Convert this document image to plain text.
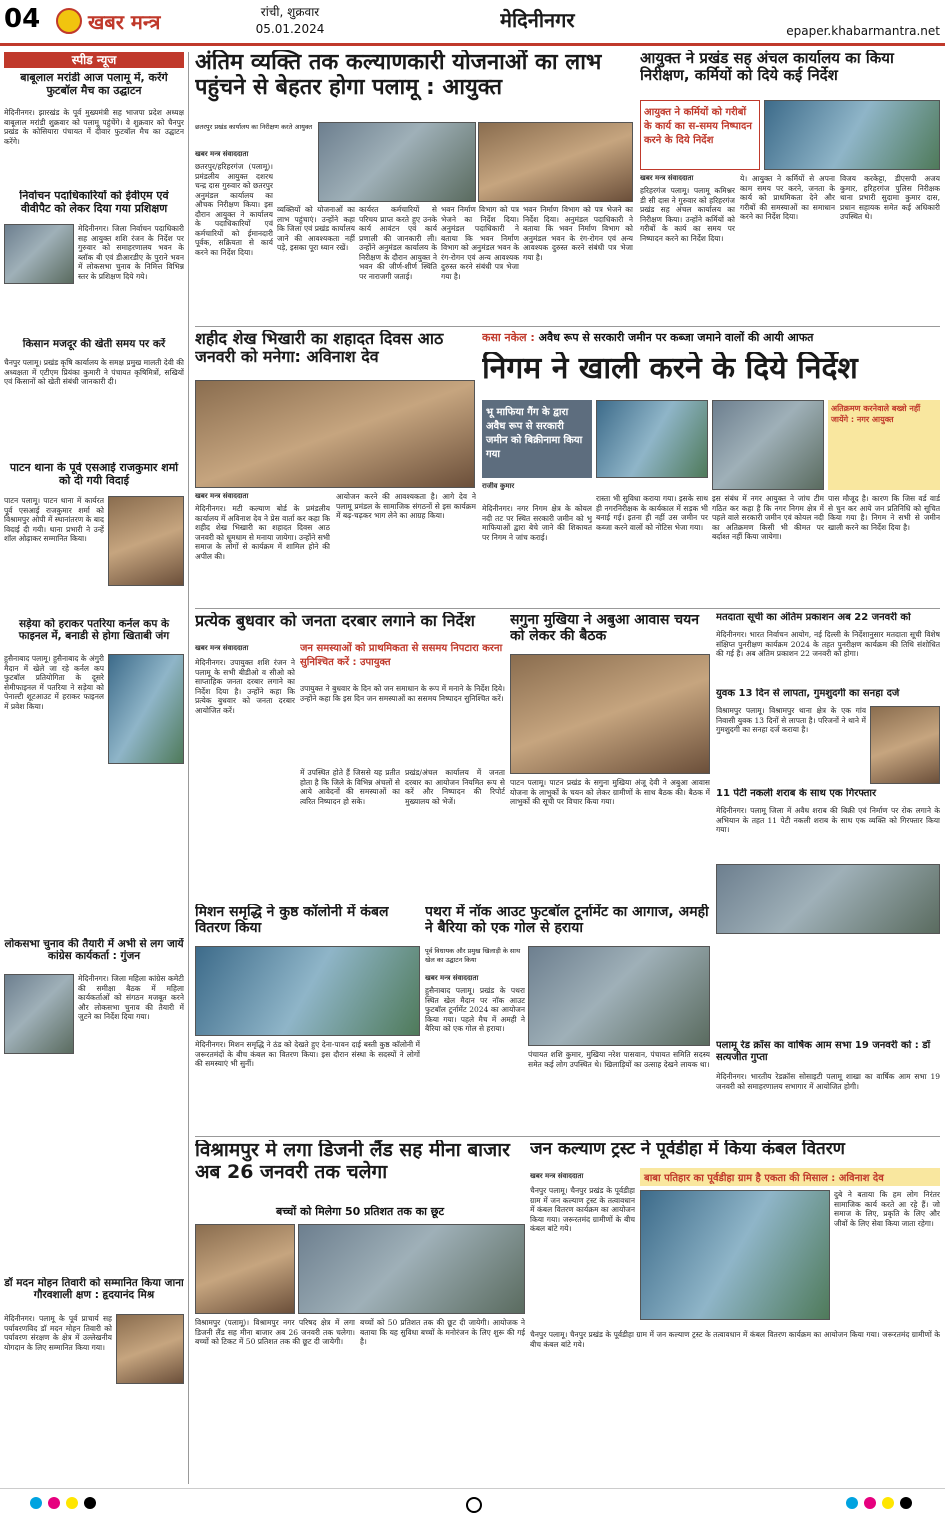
04 खबर मन्त्र	रांची, शुक्रवार
05.01.2024	मेदिनीनगर	epaper.khabarmantra.net
स्पीड न्यूज
बाबूलाल मरांडी आज पलामू में, करेंगे फुटबॉल मैच का उद्घाटन
मेदिनीनगर। झारखंड के पूर्व मुख्यमंत्री सह भाजपा प्रदेश अध्यक्ष बाबूलाल मरांडी शुक्रवार को पलामू पहुंचेंगे। वे शुक्रवार को चैनपुर प्रखंड के कोसियारा पंचायत में दीवार फुटबॉल मैच का उद्घाटन करेंगे।
निर्वाचन पदाधिकारियों को ईवीएम एवं वीवीपैट को लेकर दिया गया प्रशिक्षण
मेदिनीनगर। जिला निर्वाचन पदाधिकारी सह आयुक्त शशि रंजन के निर्देश पर गुरुवार को समाहरणालय भवन के ब्लॉक बी एवं डीआरडीए के पुराने भवन में लोकसभा चुनाव के निमित्त विभिन्न स्तर के प्रशिक्षण दिये गये।
किसान मजदूर की खेती समय पर करें
चैनपुर पलामू। प्रखंड कृषि कार्यालय के समक्ष प्रमुख मालती देवी की अध्यक्षता में एटीएम प्रियंका कुमारी ने पंचायत कृषिमित्रों, सखियों एवं किसानों को खेती संबंधी जानकारी दी।
पाटन थाना के पूर्व एसआई राजकुमार शर्मा को दी गयी विदाई
पाटन पलामू। पाटन थाना में कार्यरत पूर्व एसआई राजकुमार शर्मा को विश्रामपुर ओपी में स्थानांतरण के बाद विदाई दी गयी। थाना प्रभारी ने उन्हें शॉल ओढ़ाकर सम्मानित किया।
सड़ेया को हराकर पतरिया कर्नल कप के फाइनल में, बनाडी से होगा खिताबी जंग
हुसैनाबाद पलामू। हुसैनाबाद के अंगुरी मैदान में खेले जा रहे कर्नल कप फुटबॉल प्रतियोगिता के दूसरे सेमीफाइनल में पतरिया ने सड़ेया को पेनाल्टी शूटआउट में हराकर फाइनल में प्रवेश किया।
लोकसभा चुनाव की तैयारी में अभी से लग जायें कांग्रेस कार्यकर्ता : गुंजन
मेदिनीनगर। जिला महिला कांग्रेस कमेटी की समीक्षा बैठक में महिला कार्यकर्ताओं को संगठन मजबूत करने और लोकसभा चुनाव की तैयारी में जुटने का निर्देश दिया गया।
डॉ मदन मोहन तिवारी को सम्मानित किया जाना गौरवशाली क्षण : हृदयानंद मिश्र
मेदिनीनगर। पलामू के पूर्व प्राचार्य सह पर्यावरणविद डॉ मदन मोहन तिवारी को पर्यावरण संरक्षण के क्षेत्र में उल्लेखनीय योगदान के लिए सम्मानित किया गया।
अंतिम व्यक्ति तक कल्याणकारी योजनाओं का लाभ पहुंचने से बेहतर होगा पलामू : आयुक्त
छतरपुर प्रखंड कार्यालय का निरीक्षण करते आयुक्त
खबर मन्त्र संवाददाता
छतरपुर/हरिहरगंज (पलामू)। प्रमंडलीय आयुक्त दशरथ चन्द्र दास गुरुवार को छतरपुर अनुमंडल कार्यालय का औचक निरीक्षण किया। इस दौरान आयुक्त ने कार्यालय के पदाधिकारियों एवं कर्मचारियों को ईमानदारी पूर्वक, सक्रियता से कार्य करने का निर्देश दिया।
व्यक्तियों को योजनाओं का लाभ पहुंचाएं। उन्होंने कहा कि जिला एवं प्रखंड कार्यालय जाने की आवश्यकता नहीं पड़े, इसका पूरा ध्यान रखें।
कार्यरत कर्मचारियों से परिचय प्राप्त करते हुए उनके कार्य आवंटन एवं कार्य प्रणाली की जानकारी ली। उन्होंने अनुमंडल कार्यालय के निरीक्षण के दौरान आयुक्त ने भवन की जीर्ण-शीर्ण स्थिति पर नाराजगी जताई।
भवन निर्माण विभाग को पत्र भेजने का निर्देश दिया। अनुमंडल पदाधिकारी ने बताया कि भवन निर्माण विभाग को अनुमंडल भवन के रंग-रोगन एवं अन्य आवश्यक दुरुस्त करने संबंधी पत्र भेजा गया है।
भवन निर्माण विभाग को पत्र भेजने का निर्देश दिया। अनुमंडल पदाधिकारी ने बताया कि भवन निर्माण विभाग को अनुमंडल भवन के रंग-रोगन एवं अन्य आवश्यक दुरुस्त करने संबंधी पत्र भेजा गया है।
आयुक्त ने प्रखंड सह अंचल कार्यालय का किया निरीक्षण, कर्मियों को दिये कई निर्देश
आयुक्त ने कर्मियों को गरीबों के कार्य का स-समय निष्पादन करने के दिये निर्देश
खबर मन्त्र संवाददाता
हरिहरगंज पलामू। पलामू कमिश्नर डी सी दास ने गुरुवार को हरिहरगंज प्रखंड सह अंचल कार्यालय का निरीक्षण किया। उन्होंने कर्मियों को गरीबों के कार्य का समय पर निष्पादन करने का निर्देश दिया।
ये। आयुक्त ने कर्मियों से अपना काम समय पर करने, जनता के कार्य को प्राथमिकता देने और गरीबों की समस्याओं का समाधान करने का निर्देश दिया।
विजय करकेट्टा, डीएसपी अजय कुमार, हरिहरगंज पुलिस निरीक्षक थाना प्रभारी सुदामा कुमार दास, प्रधान सहायक समेत कई अधिकारी उपस्थित थे।
शहीद शेख भिखारी का शहादत दिवस आठ जनवरी को मनेगा: अविनाश देव
खबर मन्त्र संवाददाता
मेदिनीनगर। मटी कल्याण बोर्ड के प्रमंडलीय कार्यालय में अविनाश देव ने प्रेस वार्ता कर कहा कि शहीद शेख भिखारी का शहादत दिवस आठ जनवरी को धूमधाम से मनाया जायेगा। उन्होंने सभी समाज के लोगों से कार्यक्रम में शामिल होने की अपील की।
आयोजन करने की आवश्यकता है। आगे देव ने पलामू प्रमंडल के सामाजिक संगठनों से इस कार्यक्रम में बढ़-चढ़कर भाग लेने का आग्रह किया।
कसा नकेल : अवैध रूप से सरकारी जमीन पर कब्जा जमाने वालों की आयी आफत
निगम ने खाली करने के दिये निर्देश
भू माफिया गैंग के द्वारा अवैध रूप से सरकारी जमीन को बिक्रीनामा किया गया
अतिक्रमण करनेवाले बख्शे नहीं जायेंगे : नगर आयुक्त
राजीव कुमार
इस संबंध में नगर आयुक्त ने जांच टीम गठित कर कहा है कि नगर निगम क्षेत्र में पहले वाले सरकारी जमीन एवं कोयल नदी का अतिक्रमण किसी भी कीमत पर बर्दाश्त नहीं किया जायेगा।
मेदिनीनगर। नगर निगम क्षेत्र के कोयल नदी तट पर स्थित सरकारी जमीन को भू माफियाओं द्वारा बेचे जाने की शिकायत पर निगम ने जांच कराई।
रास्ता भी सुविधा कराया गया। इसके साथ ही नगरनिरीक्षक के कार्यकाल में सड़क भी बनाई गई। इतना ही नहीं उस जमीन पर कब्जा करने वालों को नोटिस भेजा गया।
पास मौजूद है। कारण कि जिस वर्ड वार्ड से चुन कर आये जन प्रतिनिधि को सूचित किया गया है। निगम ने सभी से जमीन खाली करने का निर्देश दिया है।
प्रत्येक बुधवार को जनता दरबार लगाने का निर्देश
खबर मन्त्र संवाददाता	जन समस्याओं को प्राथमिकता से ससमय निपटारा करना सुनिश्चित करें : उपायुक्त
मेदिनीनगर। उपायुक्त शशि रंजन ने पलामू के सभी बीडीओ व सीओ को साप्ताहिक जनता दरबार लगाने का निर्देश दिया है। उन्होंने कहा कि प्रत्येक बुधवार को जनता दरबार आयोजित करें।
उपायुक्त ने बुधवार के दिन को जन समाधान के रूप में मनाने के निर्देश दिये। उन्होंने कहा कि इस दिन जन समस्याओं का ससमय निष्पादन सुनिश्चित करें।
में उपस्थित होते हैं जिससे यह प्रतीत होता है कि जिले के विभिन्न अंचलों से आये आवेदनों की समस्याओं का त्वरित निष्पादन हो सके।
प्रखंड/अंचल कार्यालय में जनता दरबार का आयोजन नियमित रूप से करें और निष्पादन की रिपोर्ट मुख्यालय को भेजें।
सगुना मुखिया ने अबुआ आवास चयन को लेकर की बैठक
पाटन पलामू। पाटन प्रखंड के सगुना मुखिया अंजू देवी ने अबुआ आवास योजना के लाभुकों के चयन को लेकर ग्रामीणों के साथ बैठक की। बैठक में लाभुकों की सूची पर विचार किया गया।
मतदाता सूची का अंतिम प्रकाशन अब 22 जनवरी को
मेदिनीनगर। भारत निर्वाचन आयोग, नई दिल्ली के निर्देशानुसार मतदाता सूची विशेष संक्षिप्त पुनरीक्षण कार्यक्रम 2024 के तहत पुनरीक्षण कार्यक्रम की तिथि संशोधित की गई है। अब अंतिम प्रकाशन 22 जनवरी को होगा।
युवक 13 दिन से लापता, गुमशुदगी का सनहा दर्ज
विश्रामपुर पलामू। विश्रामपुर थाना क्षेत्र के एक गांव निवासी युवक 13 दिनों से लापता है। परिजनों ने थाने में गुमशुदगी का सनहा दर्ज कराया है।
11 पेटी नकली शराब के साथ एक गिरफ्तार
मेदिनीनगर। पलामू जिला में अवैध शराब की बिक्री एवं निर्माण पर रोक लगाने के अभियान के तहत 11 पेटी नकली शराब के साथ एक व्यक्ति को गिरफ्तार किया गया।
पलामू रेड क्रॉस का वार्षिक आम सभा 19 जनवरी को : डॉ सत्यजीत गुप्ता
मेदिनीनगर। भारतीय रेडक्रॉस सोसाइटी पलामू शाखा का वार्षिक आम सभा 19 जनवरी को समाहरणालय सभागार में आयोजित होगी।
मिशन समृद्धि ने कुष्ठ कॉलोनी में कंबल वितरण किया
मेदिनीनगर। मिशन समृद्धि ने ठंड को देखते हुए देना-पावन दाई बस्ती कुष्ठ कॉलोनी में जरूरतमंदों के बीच कंबल का वितरण किया। इस दौरान संस्था के सदस्यों ने लोगों की समस्याएं भी सुनीं।
पथरा में नॉक आउट फुटबॉल टूर्नामेंट का आगाज, अमही ने बैरिया को एक गोल से हराया
पूर्व विधायक और प्रमुख खिलाड़ी के साथ खेल का उद्घाटन किया
खबर मन्त्र संवाददाता
हुसैनाबाद पलामू। प्रखंड के पथरा स्थित खेल मैदान पर नॉक आउट फुटबॉल टूर्नामेंट 2024 का आयोजन किया गया। पहले मैच में अमही ने बैरिया को एक गोल से हराया।
पंचायत शशि कुमार, मुखिया नरेश पासवान, पंचायत समिति सदस्य समेत कई लोग उपस्थित थे। खिलाड़ियों का उत्साह देखने लायक था।
विश्रामपुर मे लगा डिजनी लैंड सह मीना बाजार अब 26 जनवरी तक चलेगा
बच्चों को मिलेगा 50 प्रतिशत तक का छूट
विश्रामपुर (पलामू)। विश्रामपुर नगर परिषद क्षेत्र में लगा डिजनी लैंड सह मीना बाजार अब 26 जनवरी तक चलेगा। बच्चों को टिकट में 50 प्रतिशत तक की छूट दी जायेगी।
बच्चों को 50 प्रतिशत तक की छूट दी जायेगी। आयोजक ने बताया कि यह सुविधा बच्चों के मनोरंजन के लिए शुरू की गई है।
जन कल्याण ट्रस्ट ने पूर्वडीहा में किया कंबल वितरण
बाबा पतिहार का पूर्वडीहा ग्राम है एकता की मिसाल : अविनाश देव
खबर मन्त्र संवाददाता
चैनपुर पलामू। चैनपुर प्रखंड के पूर्वडीहा ग्राम में जन कल्याण ट्रस्ट के तत्वावधान में कंबल वितरण कार्यक्रम का आयोजन किया गया। जरूरतमंद ग्रामीणों के बीच कंबल बांटे गये।
दुबे ने बताया कि हम लोग निरंतर सामाजिक कार्य करते आ रहे हैं। जो समाज के लिए, प्रकृति के लिए और जीवों के लिए सेवा किया जाता रहेगा।
चैनपुर पलामू। चैनपुर प्रखंड के पूर्वडीहा ग्राम में जन कल्याण ट्रस्ट के तत्वावधान में कंबल वितरण कार्यक्रम का आयोजन किया गया। जरूरतमंद ग्रामीणों के बीच कंबल बांटे गये।
